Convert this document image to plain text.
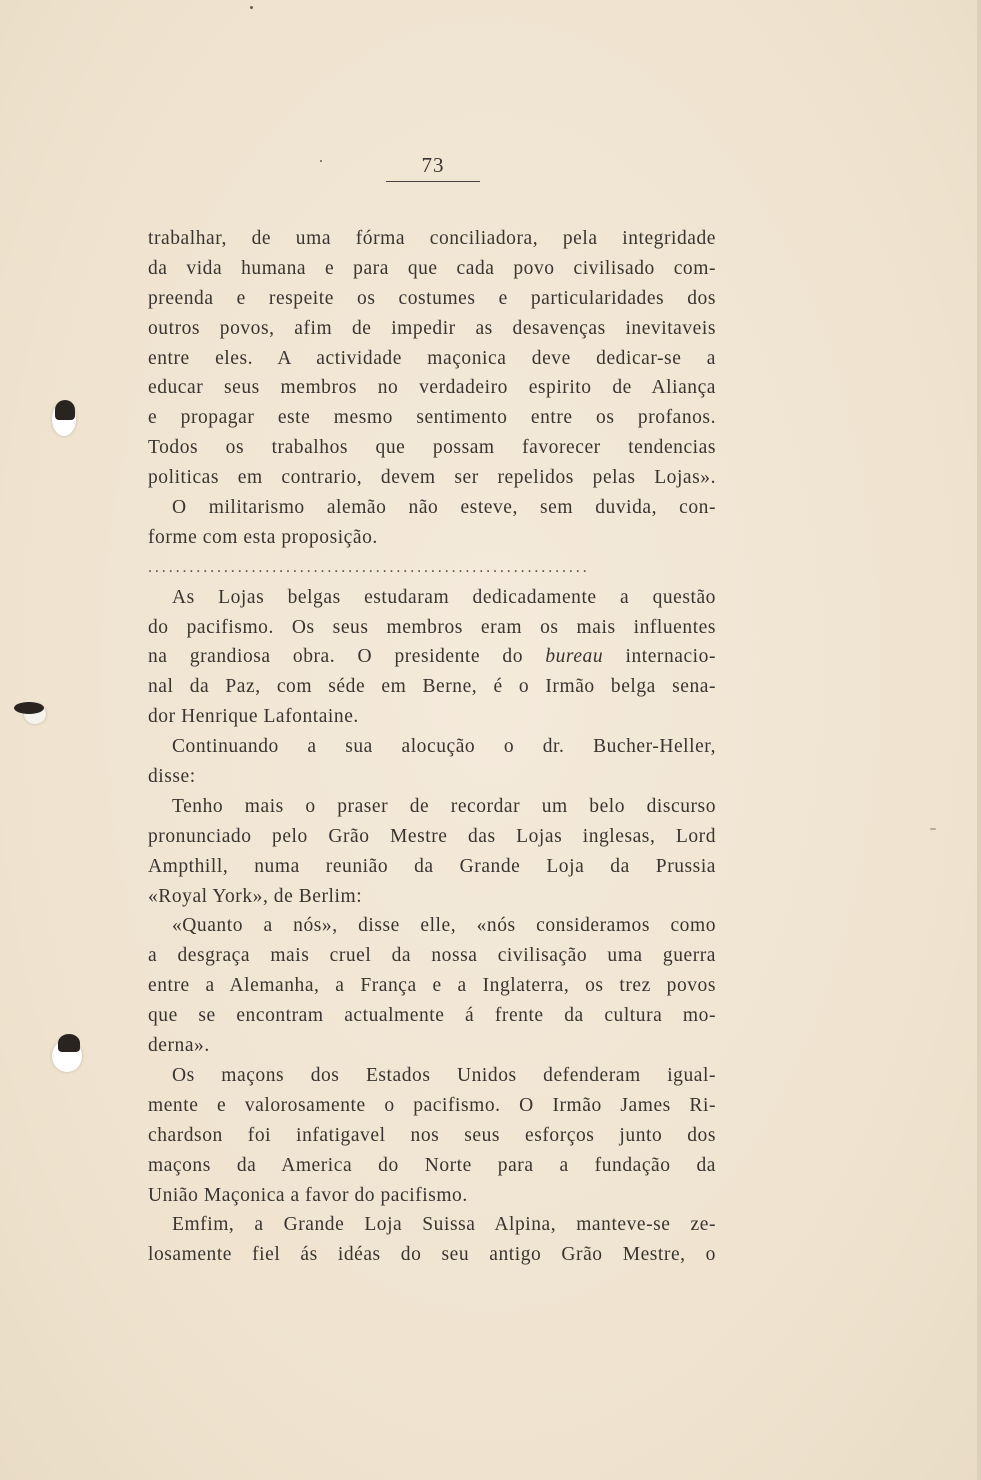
73
trabalhar, de uma fórma conciliadora, pela integridade
da vida humana e para que cada povo civilisado com-
preenda e respeite os costumes e particularidades dos
outros povos, afim de impedir as desavenças inevitaveis
entre eles. A actividade maçonica deve dedicar-se a
educar seus membros no verdadeiro espirito de Aliança
e propagar este mesmo sentimento entre os profanos.
Todos os trabalhos que possam favorecer tendencias
politicas em contrario, devem ser repelidos pelas Lojas».
O militarismo alemão não esteve, sem duvida, con-
forme com esta proposição.
................................................................
As Lojas belgas estudaram dedicadamente a questão
do pacifismo. Os seus membros eram os mais influentes
na grandiosa obra. O presidente do bureau internacio-
nal da Paz, com séde em Berne, é o Irmão belga sena-
dor Henrique Lafontaine.
Continuando a sua alocução o dr. Bucher-Heller,
disse:
Tenho mais o praser de recordar um belo discurso
pronunciado pelo Grão Mestre das Lojas inglesas, Lord
Ampthill, numa reunião da Grande Loja da Prussia
«Royal York», de Berlim:
«Quanto a nós», disse elle, «nós consideramos como
a desgraça mais cruel da nossa civilisação uma guerra
entre a Alemanha, a França e a Inglaterra, os trez povos
que se encontram actualmente á frente da cultura mo-
derna».
Os maçons dos Estados Unidos defenderam igual-
mente e valorosamente o pacifismo. O Irmão James Ri-
chardson foi infatigavel nos seus esforços junto dos
maçons da America do Norte para a fundação da
União Maçonica a favor do pacifismo.
Emfim, a Grande Loja Suissa Alpina, manteve-se ze-
losamente fiel ás idéas do seu antigo Grão Mestre, o
